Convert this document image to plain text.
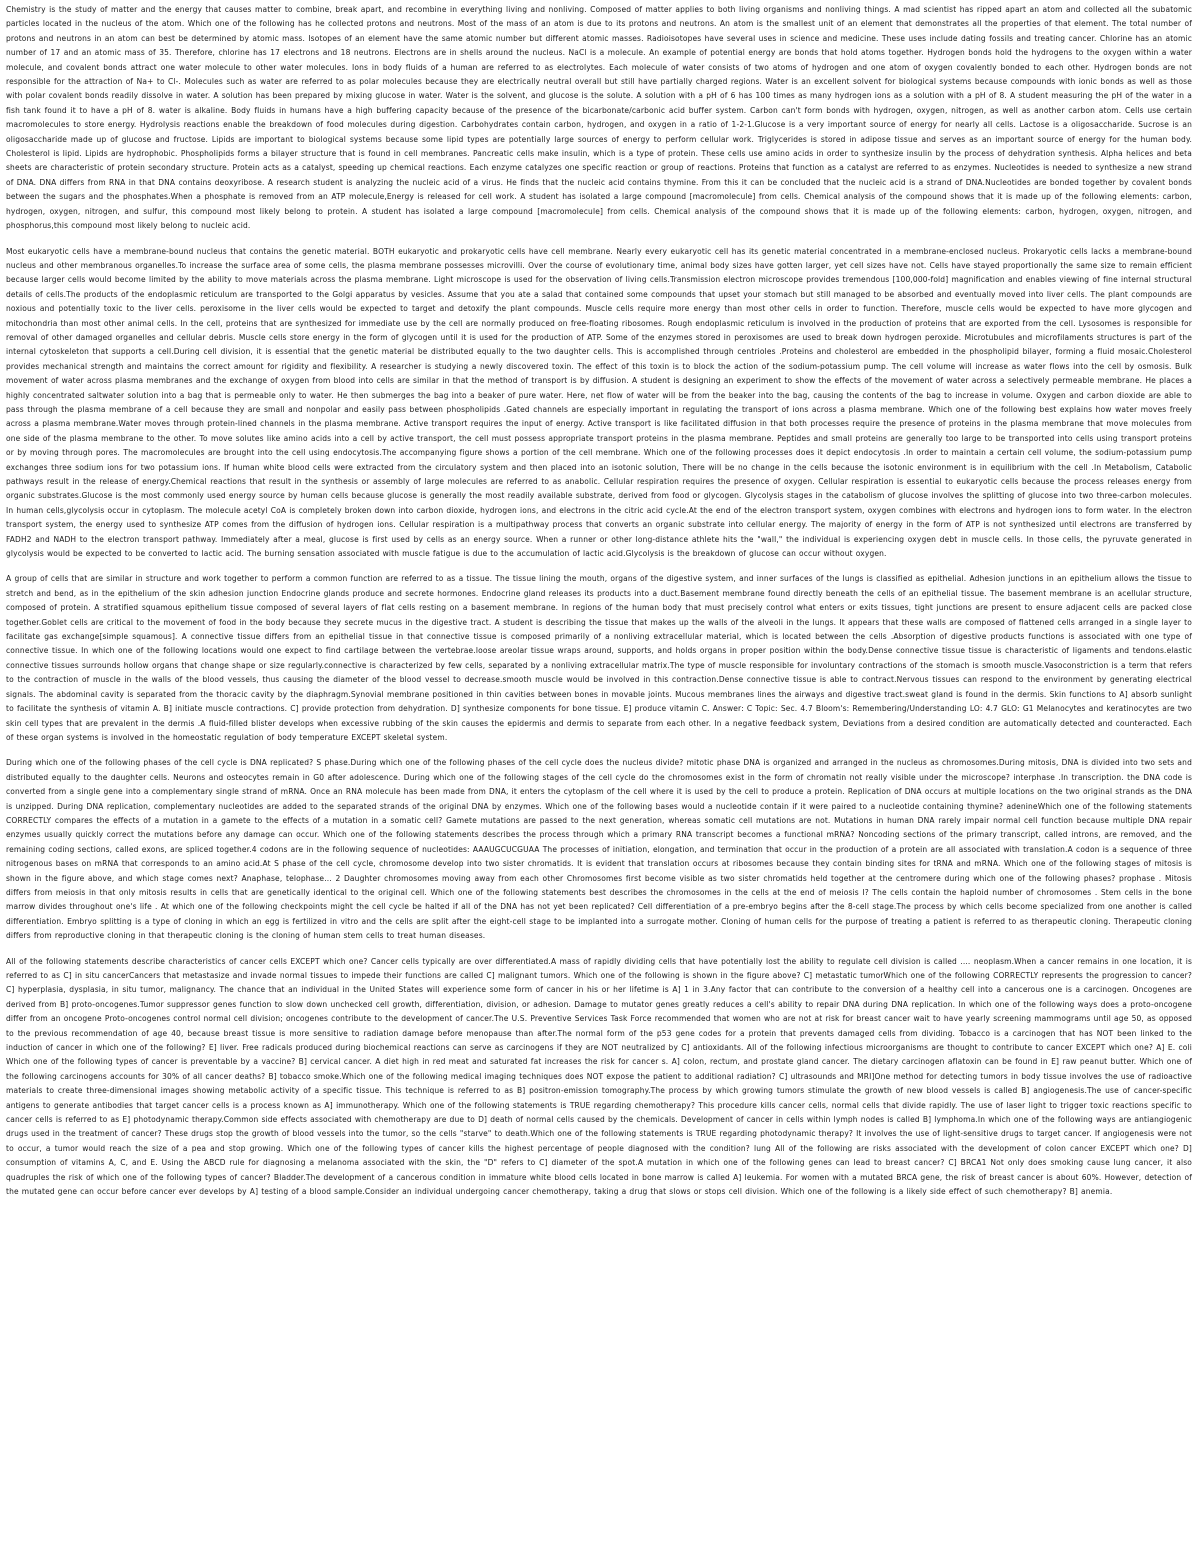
Chemistry is the study of matter and the energy that causes matter to combine, break apart, and recombine in everything living and nonliving. Composed of matter applies to both living organisms and nonliving things. A mad scientist has ripped apart an atom and collected all the subatomic particles located in the nucleus of the atom. Which one of the following has he collected protons and neutrons. Most of the mass of an atom is due to its protons and neutrons. An atom is the smallest unit of an element that demonstrates all the properties of that element. The total number of protons and neutrons in an atom can best be determined by atomic mass. Isotopes of an element have the same atomic number but different atomic masses. Radioisotopes have several uses in science and medicine. These uses include dating fossils and treating cancer. Chlorine has an atomic number of 17 and an atomic mass of 35. Therefore, chlorine has 17 electrons and 18 neutrons. Electrons are in shells around the nucleus. NaCl is a molecule. An example of potential energy are bonds that hold atoms together. Hydrogen bonds hold the hydrogens to the oxygen within a water molecule, and covalent bonds attract one water molecule to other water molecules. Ions in body fluids of a human are referred to as electrolytes. Each molecule of water consists of two atoms of hydrogen and one atom of oxygen covalently bonded to each other. Hydrogen bonds are not responsible for the attraction of Na+ to Cl-. Molecules such as water are referred to as polar molecules because they are electrically neutral overall but still have partially charged regions. Water is an excellent solvent for biological systems because compounds with ionic bonds as well as those with polar covalent bonds readily dissolve in water. A solution has been prepared by mixing glucose in water. Water is the solvent, and glucose is the solute. A solution with a pH of 6 has 100 times as many hydrogen ions as a solution with a pH of 8. A student measuring the pH of the water in a fish tank found it to have a pH of 8. water is alkaline. Body fluids in humans have a high buffering capacity because of the presence of the bicarbonate/carbonic acid buffer system. Carbon can't form bonds with hydrogen, oxygen, nitrogen, as well as another carbon atom. Cells use certain macromolecules to store energy. Hydrolysis reactions enable the breakdown of food molecules during digestion. Carbohydrates contain carbon, hydrogen, and oxygen in a ratio of 1-2-1.Glucose is a very important source of energy for nearly all cells. Lactose is a oligosaccharide. Sucrose is an oligosaccharide made up of glucose and fructose. Lipids are important to biological systems because some lipid types are potentially large sources of energy to perform cellular work. Triglycerides is stored in adipose tissue and serves as an important source of energy for the human body. Cholesterol is lipid. Lipids are hydrophobic. Phospholipids forms a bilayer structure that is found in cell membranes. Pancreatic cells make insulin, which is a type of protein. These cells use amino acids in order to synthesize insulin by the process of dehydration synthesis. Alpha helices and beta sheets are characteristic of protein secondary structure. Protein acts as a catalyst, speeding up chemical reactions. Each enzyme catalyzes one specific reaction or group of reactions. Proteins that function as a catalyst are referred to as enzymes. Nucleotides is needed to synthesize a new strand of DNA. DNA differs from RNA in that DNA contains deoxyribose. A research student is analyzing the nucleic acid of a virus. He finds that the nucleic acid contains thymine. From this it can be concluded that the nucleic acid is a strand of DNA.Nucleotides are bonded together by covalent bonds between the sugars and the phosphates.When a phosphate is removed from an ATP molecule,Energy is released for cell work. A student has isolated a large compound [macromolecule] from cells. Chemical analysis of the compound shows that it is made up of the following elements: carbon, hydrogen, oxygen, nitrogen, and sulfur, this compound most likely belong to protein. A student has isolated a large compound [macromolecule] from cells. Chemical analysis of the compound shows that it is made up of the following elements: carbon, hydrogen, oxygen, nitrogen, and phosphorus,this compound most likely belong to nucleic acid.

Most eukaryotic cells have a membrane-bound nucleus that contains the genetic material. BOTH eukaryotic and prokaryotic cells have cell membrane. Nearly every eukaryotic cell has its genetic material concentrated in a membrane-enclosed nucleus. Prokaryotic cells lacks a membrane-bound nucleus and other membranous organelles.To increase the surface area of some cells, the plasma membrane possesses microvilli. Over the course of evolutionary time, animal body sizes have gotten larger, yet cell sizes have not. Cells have stayed proportionally the same size to remain efficient because larger cells would become limited by the ability to move materials across the plasma membrane. Light microscope is used for the observation of living cells.Transmission electron microscope provides tremendous [100,000-fold] magnification and enables viewing of fine internal structural details of cells.The products of the endoplasmic reticulum are transported to the Golgi apparatus by vesicles. Assume that you ate a salad that contained some compounds that upset your stomach but still managed to be absorbed and eventually moved into liver cells. The plant compounds are noxious and potentially toxic to the liver cells. peroxisome in the liver cells would be expected to target and detoxify the plant compounds. Muscle cells require more energy than most other cells in order to function. Therefore, muscle cells would be expected to have more glycogen and mitochondria than most other animal cells. In the cell, proteins that are synthesized for immediate use by the cell are normally produced on free-floating ribosomes. Rough endoplasmic reticulum is involved in the production of proteins that are exported from the cell. Lysosomes is responsible for removal of other damaged organelles and cellular debris. Muscle cells store energy in the form of glycogen until it is used for the production of ATP. Some of the enzymes stored in peroxisomes are used to break down hydrogen peroxide. Microtubules and microfilaments structures is part of the internal cytoskeleton that supports a cell.During cell division, it is essential that the genetic material be distributed equally to the two daughter cells. This is accomplished through centrioles .Proteins and cholesterol are embedded in the phospholipid bilayer, forming a fluid mosaic.Cholesterol provides mechanical strength and maintains the correct amount for rigidity and flexibility. A researcher is studying a newly discovered toxin. The effect of this toxin is to block the action of the sodium-potassium pump. The cell volume will increase as water flows into the cell by osmosis. Bulk movement of water across plasma membranes and the exchange of oxygen from blood into cells are similar in that the method of transport is by diffusion. A student is designing an experiment to show the effects of the movement of water across a selectively permeable membrane. He places a highly concentrated saltwater solution into a bag that is permeable only to water. He then submerges the bag into a beaker of pure water. Here, net flow of water will be from the beaker into the bag, causing the contents of the bag to increase in volume. Oxygen and carbon dioxide are able to pass through the plasma membrane of a cell because they are small and nonpolar and easily pass between phospholipids .Gated channels are especially important in regulating the transport of ions across a plasma membrane. Which one of the following best explains how water moves freely across a plasma membrane.Water moves through protein-lined channels in the plasma membrane. Active transport requires the input of energy. Active transport is like facilitated diffusion in that both processes require the presence of proteins in the plasma membrane that move molecules from one side of the plasma membrane to the other. To move solutes like amino acids into a cell by active transport, the cell must possess appropriate transport proteins in the plasma membrane. Peptides and small proteins are generally too large to be transported into cells using transport proteins or by moving through pores. The macromolecules are brought into the cell using endocytosis.The accompanying figure shows a portion of the cell membrane. Which one of the following processes does it depict endocytosis .In order to maintain a certain cell volume, the sodium-potassium pump exchanges three sodium ions for two potassium ions. If human white blood cells were extracted from the circulatory system and then placed into an isotonic solution, There will be no change in the cells because the isotonic environment is in equilibrium with the cell .In Metabolism, Catabolic pathways result in the release of energy.Chemical reactions that result in the synthesis or assembly of large molecules are referred to as anabolic. Cellular respiration requires the presence of oxygen. Cellular respiration is essential to eukaryotic cells because the process releases energy from organic substrates.Glucose is the most commonly used energy source by human cells because glucose is generally the most readily available substrate, derived from food or glycogen. Glycolysis stages in the catabolism of glucose involves the splitting of glucose into two three-carbon molecules. In human cells,glycolysis occur in cytoplasm. The molecule acetyl CoA is completely broken down into carbon dioxide, hydrogen ions, and electrons in the citric acid cycle.At the end of the electron transport system, oxygen combines with electrons and hydrogen ions to form water. In the electron transport system, the energy used to synthesize ATP comes from the diffusion of hydrogen ions. Cellular respiration is a multipathway process that converts an organic substrate into cellular energy. The majority of energy in the form of ATP is not synthesized until electrons are transferred by FADH2 and NADH to the electron transport pathway. Immediately after a meal, glucose is first used by cells as an energy source. When a runner or other long-distance athlete hits the "wall," the individual is experiencing oxygen debt in muscle cells. In those cells, the pyruvate generated in glycolysis would be expected to be converted to lactic acid. The burning sensation associated with muscle fatigue is due to the accumulation of lactic acid.Glycolysis is the breakdown of glucose can occur without oxygen.

A group of cells that are similar in structure and work together to perform a common function are referred to as a tissue. The tissue lining the mouth, organs of the digestive system, and inner surfaces of the lungs is classified as epithelial. Adhesion junctions in an epithelium allows the tissue to stretch and bend, as in the epithelium of the skin adhesion junction Endocrine glands produce and secrete hormones. Endocrine gland releases its products into a duct.Basement membrane found directly beneath the cells of an epithelial tissue. The basement membrane is an acellular structure, composed of protein. A stratified squamous epithelium tissue composed of several layers of flat cells resting on a basement membrane. In regions of the human body that must precisely control what enters or exits tissues, tight junctions are present to ensure adjacent cells are packed close together.Goblet cells are critical to the movement of food in the body because they secrete mucus in the digestive tract. A student is describing the tissue that makes up the walls of the alveoli in the lungs. It appears that these walls are composed of flattened cells arranged in a single layer to facilitate gas exchange[simple squamous]. A connective tissue differs from an epithelial tissue in that connective tissue is composed primarily of a nonliving extracellular material, which is located between the cells .Absorption of digestive products functions is associated with one type of connective tissue. In which one of the following locations would one expect to find cartilage between the vertebrae.loose areolar tissue wraps around, supports, and holds organs in proper position within the body.Dense connective tissue tissue is characteristic of ligaments and tendons.elastic connective tissues surrounds hollow organs that change shape or size regularly.connective is characterized by few cells, separated by a nonliving extracellular matrix.The type of muscle responsible for involuntary contractions of the stomach is smooth muscle.Vasoconstriction is a term that refers to the contraction of muscle in the walls of the blood vessels, thus causing the diameter of the blood vessel to decrease.smooth muscle would be involved in this contraction.Dense connective tissue is able to contract.Nervous tissues can respond to the environment by generating electrical signals. The abdominal cavity is separated from the thoracic cavity by the diaphragm.Synovial membrane positioned in thin cavities between bones in movable joints. Mucous membranes lines the airways and digestive tract.sweat gland is found in the dermis. Skin functions to A] absorb sunlight to facilitate the synthesis of vitamin A. B] initiate muscle contractions. C] provide protection from dehydration. D] synthesize components for bone tissue. E] produce vitamin C. Answer: C Topic: Sec. 4.7 Bloom's: Remembering/Understanding LO: 4.7 GLO: G1 Melanocytes and keratinocytes are two skin cell types that are prevalent in the dermis .A fluid-filled blister develops when excessive rubbing of the skin causes the epidermis and dermis to separate from each other. In a negative feedback system, Deviations from a desired condition are automatically detected and counteracted. Each of these organ systems is involved in the homeostatic regulation of body temperature EXCEPT skeletal system.

During which one of the following phases of the cell cycle is DNA replicated? S phase.During which one of the following phases of the cell cycle does the nucleus divide? mitotic phase DNA is organized and arranged in the nucleus as chromosomes.During mitosis, DNA is divided into two sets and distributed equally to the daughter cells. Neurons and osteocytes remain in G0 after adolescence. During which one of the following stages of the cell cycle do the chromosomes exist in the form of chromatin not really visible under the microscope? interphase .In transcription. the DNA code is converted from a single gene into a complementary single strand of mRNA. Once an RNA molecule has been made from DNA, it enters the cytoplasm of the cell where it is used by the cell to produce a protein. Replication of DNA occurs at multiple locations on the two original strands as the DNA is unzipped. During DNA replication, complementary nucleotides are added to the separated strands of the original DNA by enzymes. Which one of the following bases would a nucleotide contain if it were paired to a nucleotide containing thymine? adenineWhich one of the following statements CORRECTLY compares the effects of a mutation in a gamete to the effects of a mutation in a somatic cell? Gamete mutations are passed to the next generation, whereas somatic cell mutations are not. Mutations in human DNA rarely impair normal cell function because multiple DNA repair enzymes usually quickly correct the mutations before any damage can occur. Which one of the following statements describes the process through which a primary RNA transcript becomes a functional mRNA? Noncoding sections of the primary transcript, called introns, are removed, and the remaining coding sections, called exons, are spliced together.4 codons are in the following sequence of nucleotides: AAAUGCUCGUAA The processes of initiation, elongation, and termination that occur in the production of a protein are all associated with translation.A codon is a sequence of three nitrogenous bases on mRNA that corresponds to an amino acid.At S phase of the cell cycle, chromosome develop into two sister chromatids. It is evident that translation occurs at ribosomes because they contain binding sites for tRNA and mRNA. Which one of the following stages of mitosis is shown in the figure above, and which stage comes next? Anaphase, telophase... 2 Daughter chromosomes moving away from each other Chromosomes first become visible as two sister chromatids held together at the centromere during which one of the following phases? prophase . Mitosis differs from meiosis in that only mitosis results in cells that are genetically identical to the original cell. Which one of the following statements best describes the chromosomes in the cells at the end of meiosis I? The cells contain the haploid number of chromosomes . Stem cells in the bone marrow divides throughout one's life . At which one of the following checkpoints might the cell cycle be halted if all of the DNA has not yet been replicated? Cell differentiation of a pre-embryo begins after the 8-cell stage.The process by which cells become specialized from one another is called differentiation. Embryo splitting is a type of cloning in which an egg is fertilized in vitro and the cells are split after the eight-cell stage to be implanted into a surrogate mother. Cloning of human cells for the purpose of treating a patient is referred to as therapeutic cloning. Therapeutic cloning differs from reproductive cloning in that therapeutic cloning is the cloning of human stem cells to treat human diseases.

All of the following statements describe characteristics of cancer cells EXCEPT which one? Cancer cells typically are over differentiated.A mass of rapidly dividing cells that have potentially lost the ability to regulate cell division is called .... neoplasm.When a cancer remains in one location, it is referred to as C] in situ cancerCancers that metastasize and invade normal tissues to impede their functions are called C] malignant tumors. Which one of the following is shown in the figure above? C] metastatic tumorWhich one of the following CORRECTLY represents the progression to cancer? C] hyperplasia, dysplasia, in situ tumor, malignancy. The chance that an individual in the United States will experience some form of cancer in his or her lifetime is A] 1 in 3.Any factor that can contribute to the conversion of a healthy cell into a cancerous one is a carcinogen. Oncogenes are derived from B] proto-oncogenes.Tumor suppressor genes function to slow down unchecked cell growth, differentiation, division, or adhesion. Damage to mutator genes greatly reduces a cell's ability to repair DNA during DNA replication. In which one of the following ways does a proto-oncogene differ from an oncogene Proto-oncogenes control normal cell division; oncogenes contribute to the development of cancer.The U.S. Preventive Services Task Force recommended that women who are not at risk for breast cancer wait to have yearly screening mammograms until age 50, as opposed to the previous recommendation of age 40, because breast tissue is more sensitive to radiation damage before menopause than after.The normal form of the p53 gene codes for a protein that prevents damaged cells from dividing. Tobacco is a carcinogen that has NOT been linked to the induction of cancer in which one of the following? E] liver. Free radicals produced during biochemical reactions can serve as carcinogens if they are NOT neutralized by C] antioxidants. All of the following infectious microorganisms are thought to contribute to cancer EXCEPT which one? A] E. coli Which one of the following types of cancer is preventable by a vaccine? B] cervical cancer. A diet high in red meat and saturated fat increases the risk for cancer s. A] colon, rectum, and prostate gland cancer. The dietary carcinogen aflatoxin can be found in E] raw peanut butter. Which one of the following carcinogens accounts for 30% of all cancer deaths? B] tobacco smoke.Which one of the following medical imaging techniques does NOT expose the patient to additional radiation? C] ultrasounds and MRI]One method for detecting tumors in body tissue involves the use of radioactive materials to create three-dimensional images showing metabolic activity of a specific tissue. This technique is referred to as B] positron-emission tomography.The process by which growing tumors stimulate the growth of new blood vessels is called B] angiogenesis.The use of cancer-specific antigens to generate antibodies that target cancer cells is a process known as A] immunotherapy. Which one of the following statements is TRUE regarding chemotherapy? This procedure kills cancer cells, normal cells that divide rapidly. The use of laser light to trigger toxic reactions specific to cancer cells is referred to as E] photodynamic therapy.Common side effects associated with chemotherapy are due to D] death of normal cells caused by the chemicals. Development of cancer in cells within lymph nodes is called B] lymphoma.In which one of the following ways are antiangiogenic drugs used in the treatment of cancer? These drugs stop the growth of blood vessels into the tumor, so the cells "starve" to death.Which one of the following statements is TRUE regarding photodynamic therapy? It involves the use of light-sensitive drugs to target cancer. If angiogenesis were not to occur, a tumor would reach the size of a pea and stop growing. Which one of the following types of cancer kills the highest percentage of people diagnosed with the condition? lung All of the following are risks associated with the development of colon cancer EXCEPT which one? D] consumption of vitamins A, C, and E. Using the ABCD rule for diagnosing a melanoma associated with the skin, the "D" refers to C] diameter of the spot.A mutation in which one of the following genes can lead to breast cancer? C] BRCA1 Not only does smoking cause lung cancer, it also quadruples the risk of which one of the following types of cancer? Bladder.The development of a cancerous condition in immature white blood cells located in bone marrow is called A] leukemia. For women with a mutated BRCA gene, the risk of breast cancer is about 60%. However, detection of the mutated gene can occur before cancer ever develops by A] testing of a blood sample.Consider an individual undergoing cancer chemotherapy, taking a drug that slows or stops cell division. Which one of the following is a likely side effect of such chemotherapy? B] anemia.
